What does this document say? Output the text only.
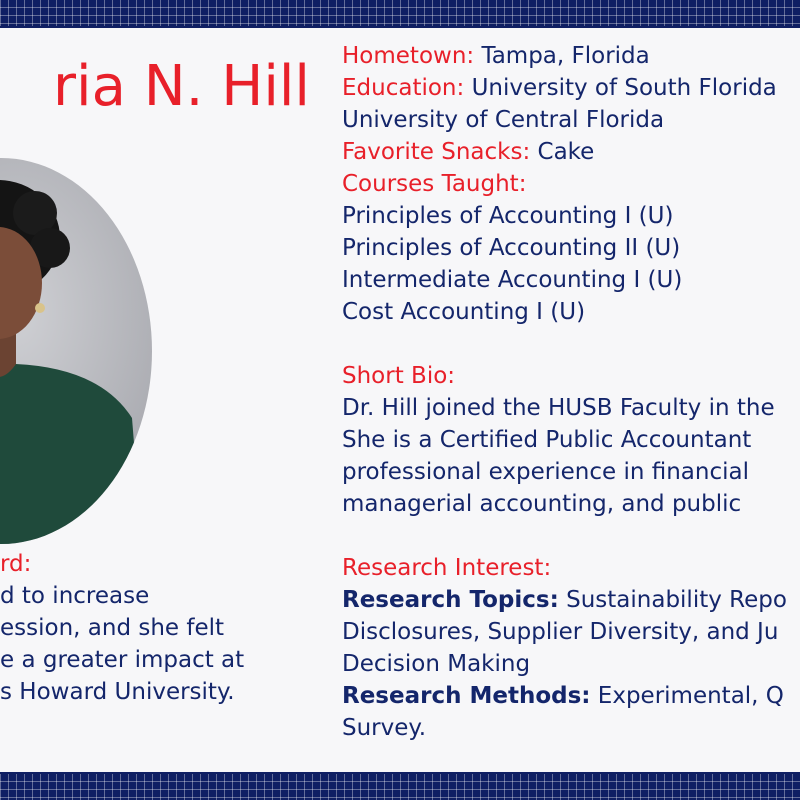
ria N. Hill
rd:
d to increase
ession, and she felt
e a greater impact at
s Howard University.
Hometown: Tampa, Florida
Education: University of South Florida
University of Central Florida
Favorite Snacks: Cake
Courses Taught:
Principles of Accounting I (U)
Principles of Accounting II (U)
Intermediate Accounting I (U)
Cost Accounting I (U)
Short Bio:
Dr. Hill joined the HUSB Faculty in the
She is a Certified Public Accountant
professional experience in financial
managerial accounting, and public
Research Interest:
Research Topics: Sustainability Repo
Disclosures, Supplier Diversity, and Ju
Decision Making
Research Methods: Experimental, Q
Survey.
